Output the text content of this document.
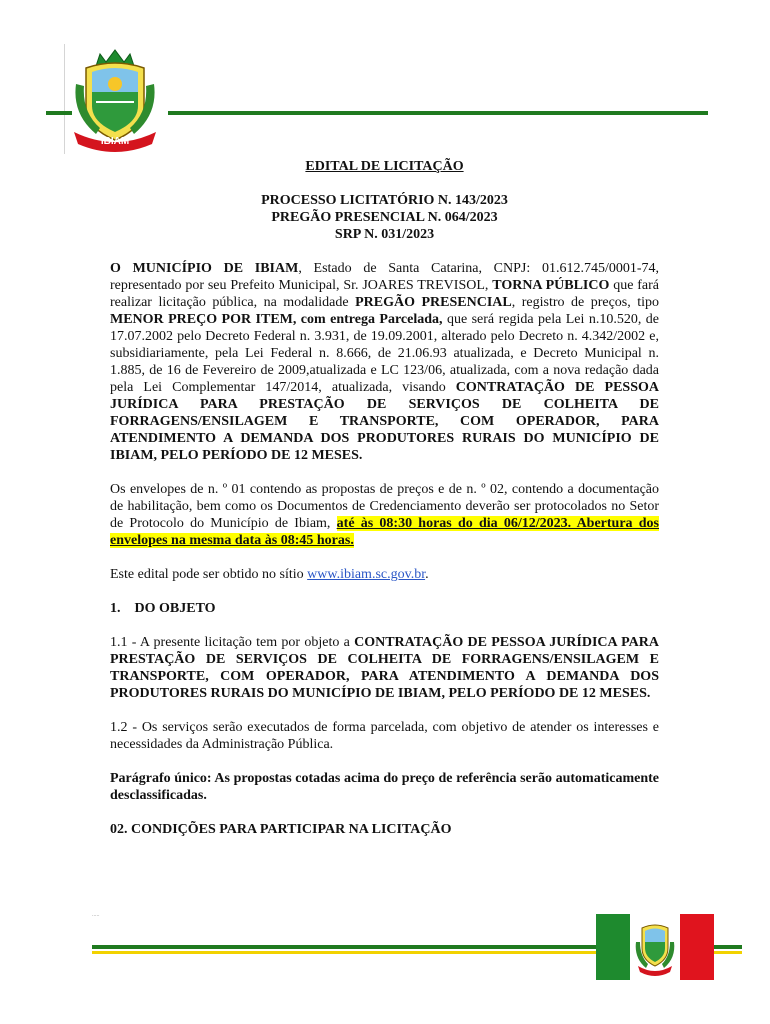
IBIAM
EDITAL DE LICITAÇÃO
PROCESSO LICITATÓRIO N. 143/2023
PREGÃO PRESENCIAL N. 064/2023
SRP N. 031/2023

O MUNICÍPIO DE IBIAM, Estado de Santa Catarina, CNPJ: 01.612.745/0001-74, representado por seu Prefeito Municipal, Sr. JOARES TREVISOL, TORNA PÚBLICO que fará realizar licitação pública, na modalidade PREGÃO PRESENCIAL, registro de preços, tipo MENOR PREÇO POR ITEM, com entrega Parcelada, que será regida pela Lei n.10.520, de 17.07.2002 pelo Decreto Federal n. 3.931, de 19.09.2001, alterado pelo Decreto n. 4.342/2002 e, subsidiariamente, pela Lei Federal n. 8.666, de 21.06.93 atualizada, e Decreto Municipal n. 1.885, de 16 de Fevereiro de 2009,atualizada e LC 123/06, atualizada, com a nova redação dada pela Lei Complementar 147/2014, atualizada, visando CONTRATAÇÃO DE PESSOA JURÍDICA PARA PRESTAÇÃO DE SERVIÇOS DE COLHEITA DE FORRAGENS/ENSILAGEM E TRANSPORTE, COM OPERADOR, PARA ATENDIMENTO A DEMANDA DOS PRODUTORES RURAIS DO MUNICÍPIO DE IBIAM, PELO PERÍODO DE 12 MESES.

Os envelopes de n. º 01 contendo as propostas de preços e de n. º 02, contendo a documentação de habilitação, bem como os Documentos de Credenciamento deverão ser protocolados no Setor de Protocolo do Município de Ibiam, até às 08:30 horas do dia 06/12/2023. Abertura dos envelopes na mesma data às 08:45 horas.

Este edital pode ser obtido no sítio www.ibiam.sc.gov.br.

1.    DO OBJETO

1.1 - A presente licitação tem por objeto a CONTRATAÇÃO DE PESSOA JURÍDICA PARA PRESTAÇÃO DE SERVIÇOS DE COLHEITA DE FORRAGENS/ENSILAGEM E TRANSPORTE, COM OPERADOR, PARA ATENDIMENTO A DEMANDA DOS PRODUTORES RURAIS DO MUNICÍPIO DE IBIAM, PELO PERÍODO DE 12 MESES.

1.2 - Os serviços serão executados de forma parcelada, com objetivo de atender os interesses e necessidades da Administração Pública.

Parágrafo único: As propostas cotadas acima do preço de referência serão automaticamente desclassificadas.

02. CONDIÇÕES PARA PARTICIPAR NA LICITAÇÃO

.....
